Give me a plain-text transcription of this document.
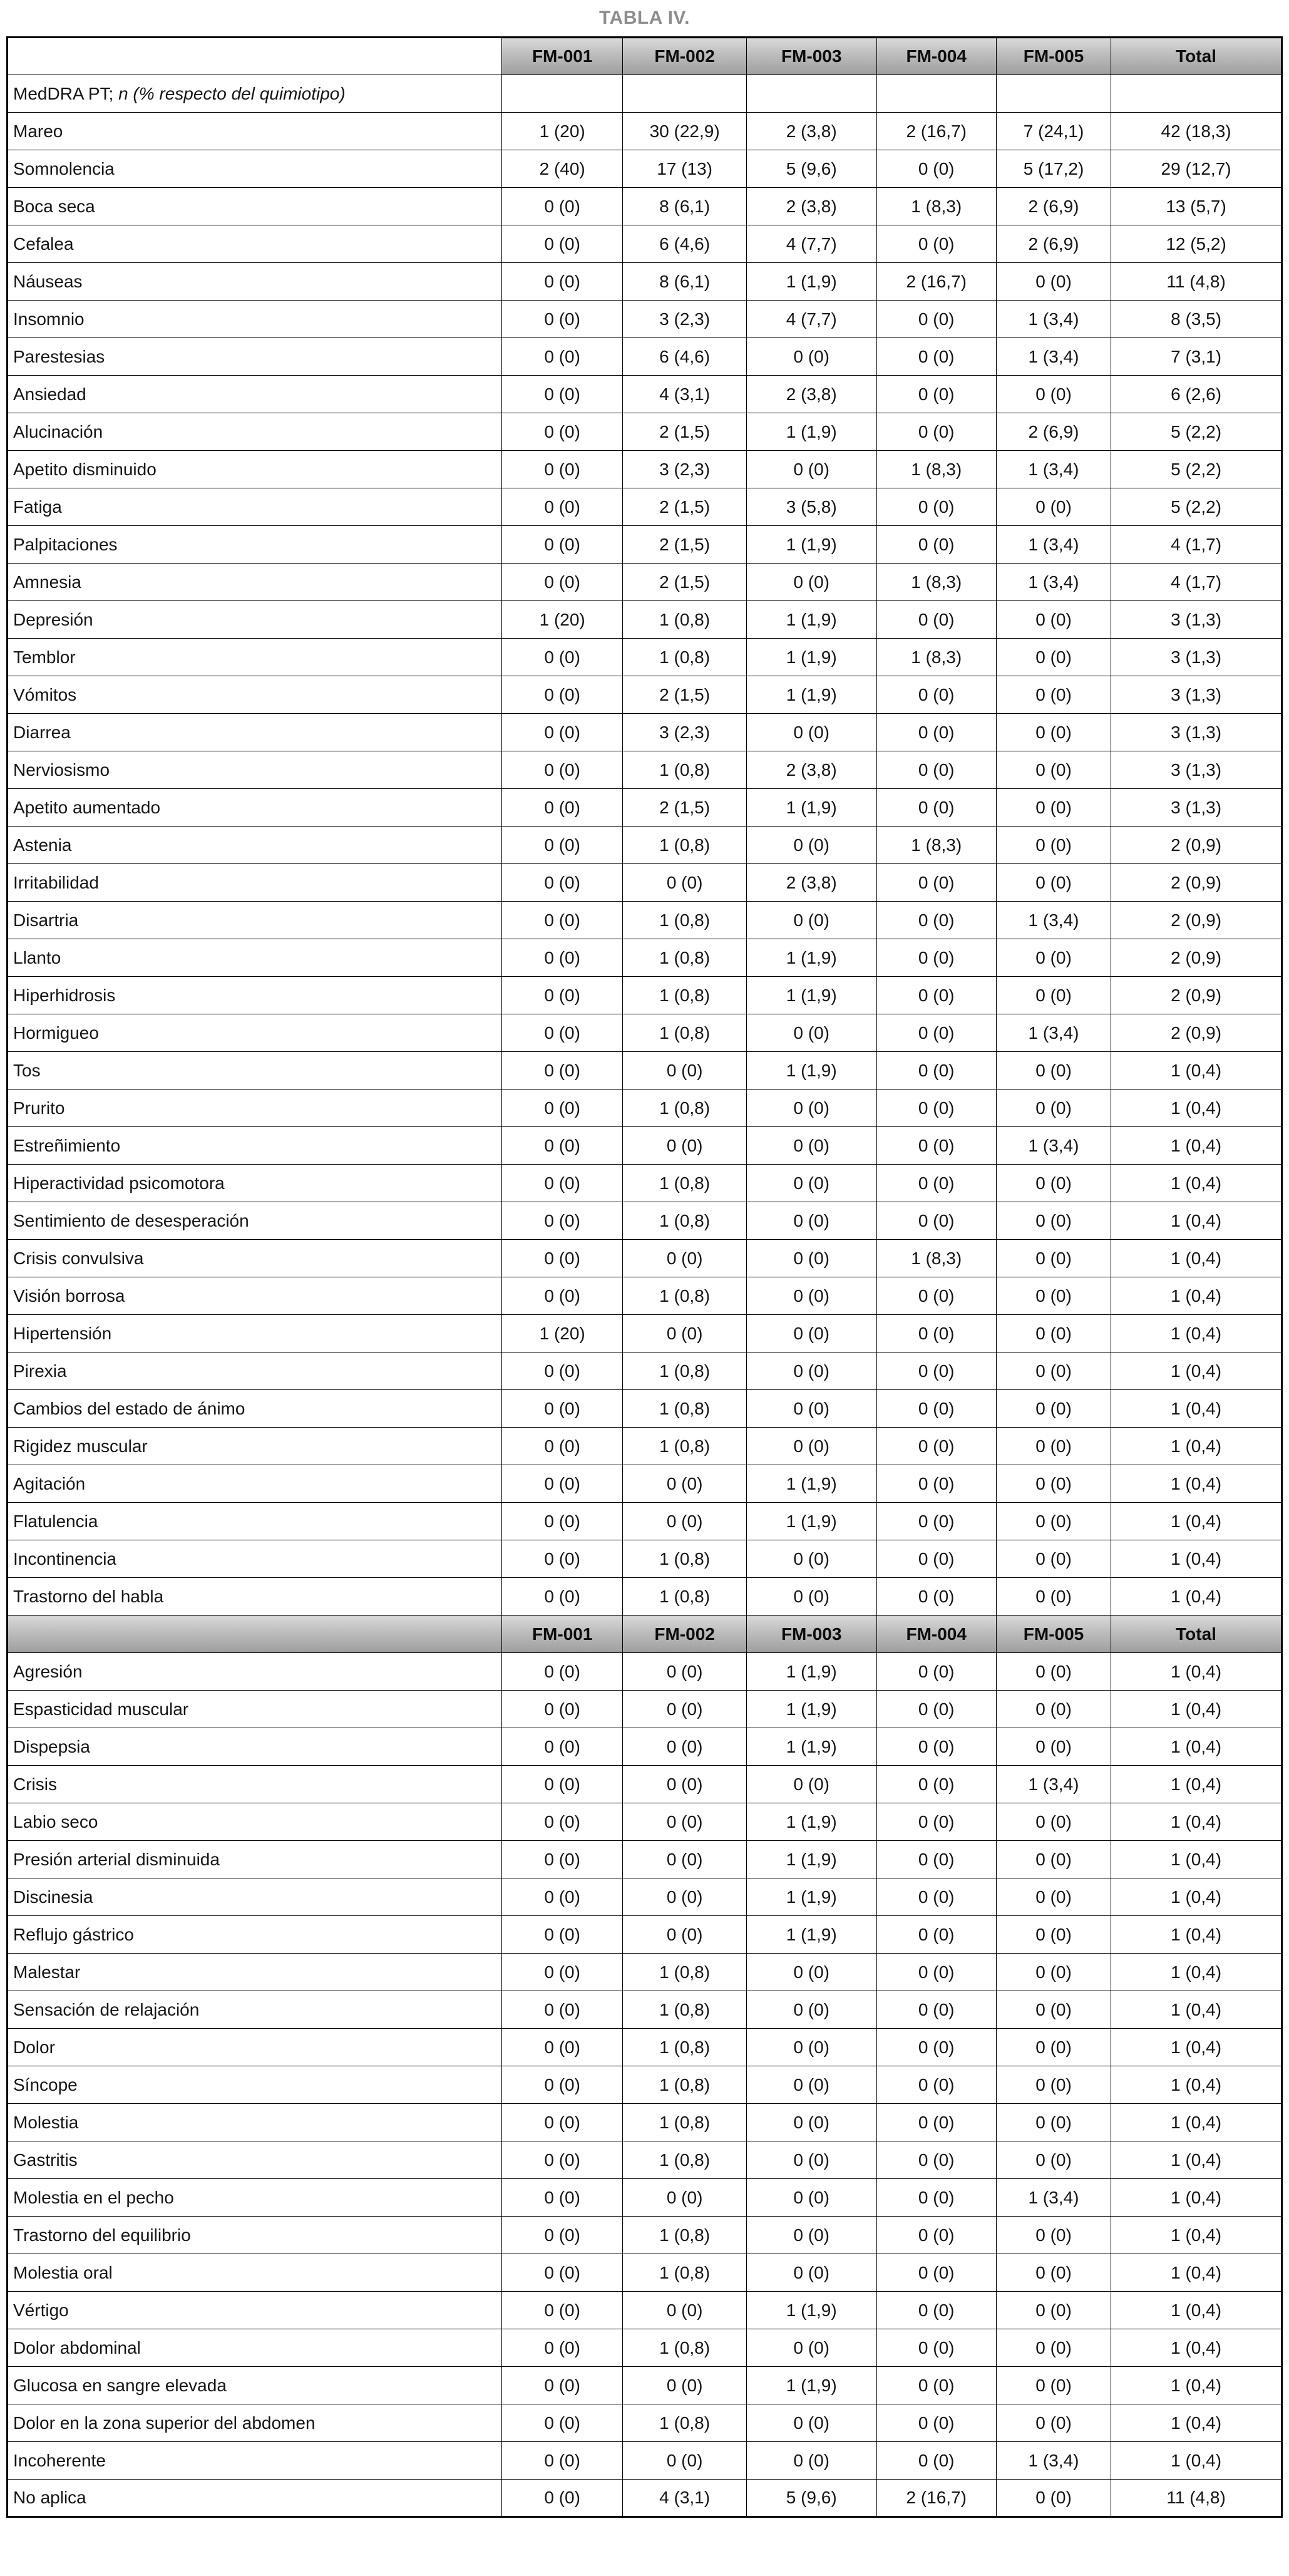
TABLA IV.
	FM-001	FM-002	FM-003	FM-004	FM-005	Total
MedDRA PT; n (% respecto del quimiotipo)						
Mareo	1 (20)	30 (22,9)	2 (3,8)	2 (16,7)	7 (24,1)	42 (18,3)
Somnolencia	2 (40)	17 (13)	5 (9,6)	0 (0)	5 (17,2)	29 (12,7)
Boca seca	0 (0)	8 (6,1)	2 (3,8)	1 (8,3)	2 (6,9)	13 (5,7)
Cefalea	0 (0)	6 (4,6)	4 (7,7)	0 (0)	2 (6,9)	12 (5,2)
Náuseas	0 (0)	8 (6,1)	1 (1,9)	2 (16,7)	0 (0)	11 (4,8)
Insomnio	0 (0)	3 (2,3)	4 (7,7)	0 (0)	1 (3,4)	8 (3,5)
Parestesias	0 (0)	6 (4,6)	0 (0)	0 (0)	1 (3,4)	7 (3,1)
Ansiedad	0 (0)	4 (3,1)	2 (3,8)	0 (0)	0 (0)	6 (2,6)
Alucinación	0 (0)	2 (1,5)	1 (1,9)	0 (0)	2 (6,9)	5 (2,2)
Apetito disminuido	0 (0)	3 (2,3)	0 (0)	1 (8,3)	1 (3,4)	5 (2,2)
Fatiga	0 (0)	2 (1,5)	3 (5,8)	0 (0)	0 (0)	5 (2,2)
Palpitaciones	0 (0)	2 (1,5)	1 (1,9)	0 (0)	1 (3,4)	4 (1,7)
Amnesia	0 (0)	2 (1,5)	0 (0)	1 (8,3)	1 (3,4)	4 (1,7)
Depresión	1 (20)	1 (0,8)	1 (1,9)	0 (0)	0 (0)	3 (1,3)
Temblor	0 (0)	1 (0,8)	1 (1,9)	1 (8,3)	0 (0)	3 (1,3)
Vómitos	0 (0)	2 (1,5)	1 (1,9)	0 (0)	0 (0)	3 (1,3)
Diarrea	0 (0)	3 (2,3)	0 (0)	0 (0)	0 (0)	3 (1,3)
Nerviosismo	0 (0)	1 (0,8)	2 (3,8)	0 (0)	0 (0)	3 (1,3)
Apetito aumentado	0 (0)	2 (1,5)	1 (1,9)	0 (0)	0 (0)	3 (1,3)
Astenia	0 (0)	1 (0,8)	0 (0)	1 (8,3)	0 (0)	2 (0,9)
Irritabilidad	0 (0)	0 (0)	2 (3,8)	0 (0)	0 (0)	2 (0,9)
Disartria	0 (0)	1 (0,8)	0 (0)	0 (0)	1 (3,4)	2 (0,9)
Llanto	0 (0)	1 (0,8)	1 (1,9)	0 (0)	0 (0)	2 (0,9)
Hiperhidrosis	0 (0)	1 (0,8)	1 (1,9)	0 (0)	0 (0)	2 (0,9)
Hormigueo	0 (0)	1 (0,8)	0 (0)	0 (0)	1 (3,4)	2 (0,9)
Tos	0 (0)	0 (0)	1 (1,9)	0 (0)	0 (0)	1 (0,4)
Prurito	0 (0)	1 (0,8)	0 (0)	0 (0)	0 (0)	1 (0,4)
Estreñimiento	0 (0)	0 (0)	0 (0)	0 (0)	1 (3,4)	1 (0,4)
Hiperactividad psicomotora	0 (0)	1 (0,8)	0 (0)	0 (0)	0 (0)	1 (0,4)
Sentimiento de desesperación	0 (0)	1 (0,8)	0 (0)	0 (0)	0 (0)	1 (0,4)
Crisis convulsiva	0 (0)	0 (0)	0 (0)	1 (8,3)	0 (0)	1 (0,4)
Visión borrosa	0 (0)	1 (0,8)	0 (0)	0 (0)	0 (0)	1 (0,4)
Hipertensión	1 (20)	0 (0)	0 (0)	0 (0)	0 (0)	1 (0,4)
Pirexia	0 (0)	1 (0,8)	0 (0)	0 (0)	0 (0)	1 (0,4)
Cambios del estado de ánimo	0 (0)	1 (0,8)	0 (0)	0 (0)	0 (0)	1 (0,4)
Rigidez muscular	0 (0)	1 (0,8)	0 (0)	0 (0)	0 (0)	1 (0,4)
Agitación	0 (0)	0 (0)	1 (1,9)	0 (0)	0 (0)	1 (0,4)
Flatulencia	0 (0)	0 (0)	1 (1,9)	0 (0)	0 (0)	1 (0,4)
Incontinencia	0 (0)	1 (0,8)	0 (0)	0 (0)	0 (0)	1 (0,4)
Trastorno del habla	0 (0)	1 (0,8)	0 (0)	0 (0)	0 (0)	1 (0,4)
	FM-001	FM-002	FM-003	FM-004	FM-005	Total
Agresión	0 (0)	0 (0)	1 (1,9)	0 (0)	0 (0)	1 (0,4)
Espasticidad muscular	0 (0)	0 (0)	1 (1,9)	0 (0)	0 (0)	1 (0,4)
Dispepsia	0 (0)	0 (0)	1 (1,9)	0 (0)	0 (0)	1 (0,4)
Crisis	0 (0)	0 (0)	0 (0)	0 (0)	1 (3,4)	1 (0,4)
Labio seco	0 (0)	0 (0)	1 (1,9)	0 (0)	0 (0)	1 (0,4)
Presión arterial disminuida	0 (0)	0 (0)	1 (1,9)	0 (0)	0 (0)	1 (0,4)
Discinesia	0 (0)	0 (0)	1 (1,9)	0 (0)	0 (0)	1 (0,4)
Reflujo gástrico	0 (0)	0 (0)	1 (1,9)	0 (0)	0 (0)	1 (0,4)
Malestar	0 (0)	1 (0,8)	0 (0)	0 (0)	0 (0)	1 (0,4)
Sensación de relajación	0 (0)	1 (0,8)	0 (0)	0 (0)	0 (0)	1 (0,4)
Dolor	0 (0)	1 (0,8)	0 (0)	0 (0)	0 (0)	1 (0,4)
Síncope	0 (0)	1 (0,8)	0 (0)	0 (0)	0 (0)	1 (0,4)
Molestia	0 (0)	1 (0,8)	0 (0)	0 (0)	0 (0)	1 (0,4)
Gastritis	0 (0)	1 (0,8)	0 (0)	0 (0)	0 (0)	1 (0,4)
Molestia en el pecho	0 (0)	0 (0)	0 (0)	0 (0)	1 (3,4)	1 (0,4)
Trastorno del equilibrio	0 (0)	1 (0,8)	0 (0)	0 (0)	0 (0)	1 (0,4)
Molestia oral	0 (0)	1 (0,8)	0 (0)	0 (0)	0 (0)	1 (0,4)
Vértigo	0 (0)	0 (0)	1 (1,9)	0 (0)	0 (0)	1 (0,4)
Dolor abdominal	0 (0)	1 (0,8)	0 (0)	0 (0)	0 (0)	1 (0,4)
Glucosa en sangre elevada	0 (0)	0 (0)	1 (1,9)	0 (0)	0 (0)	1 (0,4)
Dolor en la zona superior del abdomen	0 (0)	1 (0,8)	0 (0)	0 (0)	0 (0)	1 (0,4)
Incoherente	0 (0)	0 (0)	0 (0)	0 (0)	1 (3,4)	1 (0,4)
No aplica	0 (0)	4 (3,1)	5 (9,6)	2 (16,7)	0 (0)	11 (4,8)
